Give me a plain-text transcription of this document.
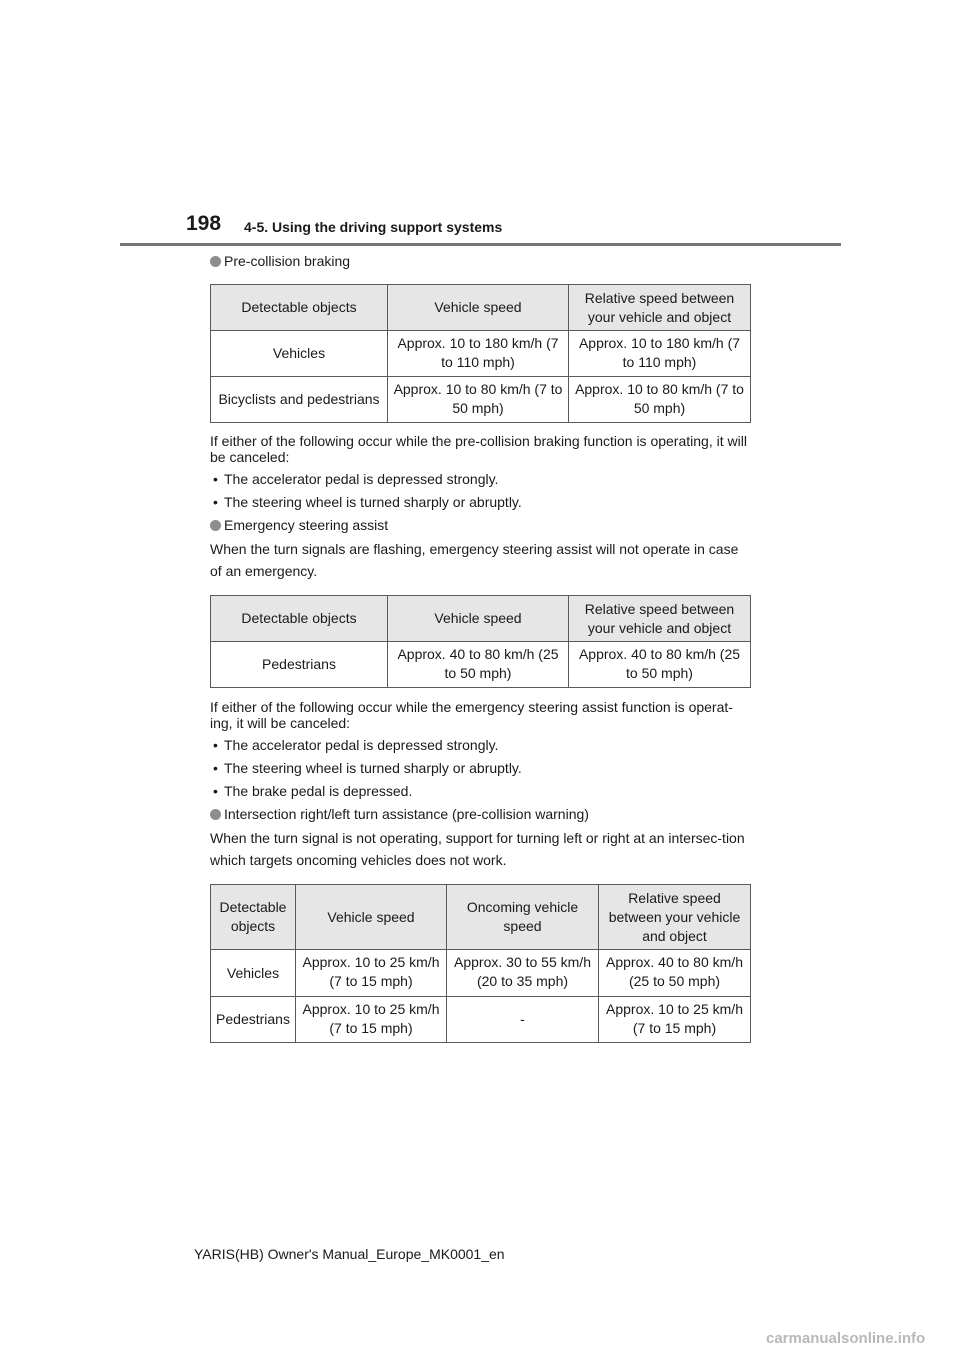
198 4-5. Using the driving support systems
Pre-collision braking
Detectable objects	Vehicle speed	Relative speed between your vehicle and object
Vehicles	Approx. 10 to 180 km/h (7 to 110 mph)	Approx. 10 to 180 km/h (7 to 110 mph)
Bicyclists and pedestrians	Approx. 10 to 80 km/h (7 to 50 mph)	Approx. 10 to 80 km/h (7 to 50 mph)

If either of the following occur while the pre-collision braking function is operating, it will be canceled:

• The accelerator pedal is depressed strongly.
• The steering wheel is turned sharply or abruptly.
Emergency steering assist

When the turn signals are flashing, emergency steering assist will not operate in case of an emergency.

Detectable objects	Vehicle speed	Relative speed between your vehicle and object
Pedestrians	Approx. 40 to 80 km/h (25 to 50 mph)	Approx. 40 to 80 km/h (25 to 50 mph)

If either of the following occur while the emergency steering assist function is operat-ing, it will be canceled:

• The accelerator pedal is depressed strongly.
• The steering wheel is turned sharply or abruptly.
• The brake pedal is depressed.
Intersection right/left turn assistance (pre-collision warning)

When the turn signal is not operating, support for turning left or right at an intersec-tion which targets oncoming vehicles does not work.

Detectable objects	Vehicle speed	Oncoming vehicle speed	Relative speed between your vehicle and object
Vehicles	Approx. 10 to 25 km/h (7 to 15 mph)	Approx. 30 to 55 km/h (20 to 35 mph)	Approx. 40 to 80 km/h (25 to 50 mph)
Pedestrians	Approx. 10 to 25 km/h (7 to 15 mph)	-	Approx. 10 to 25 km/h (7 to 15 mph)
YARIS(HB) Owner's Manual_Europe_MK0001_en
carmanualsonline.info
